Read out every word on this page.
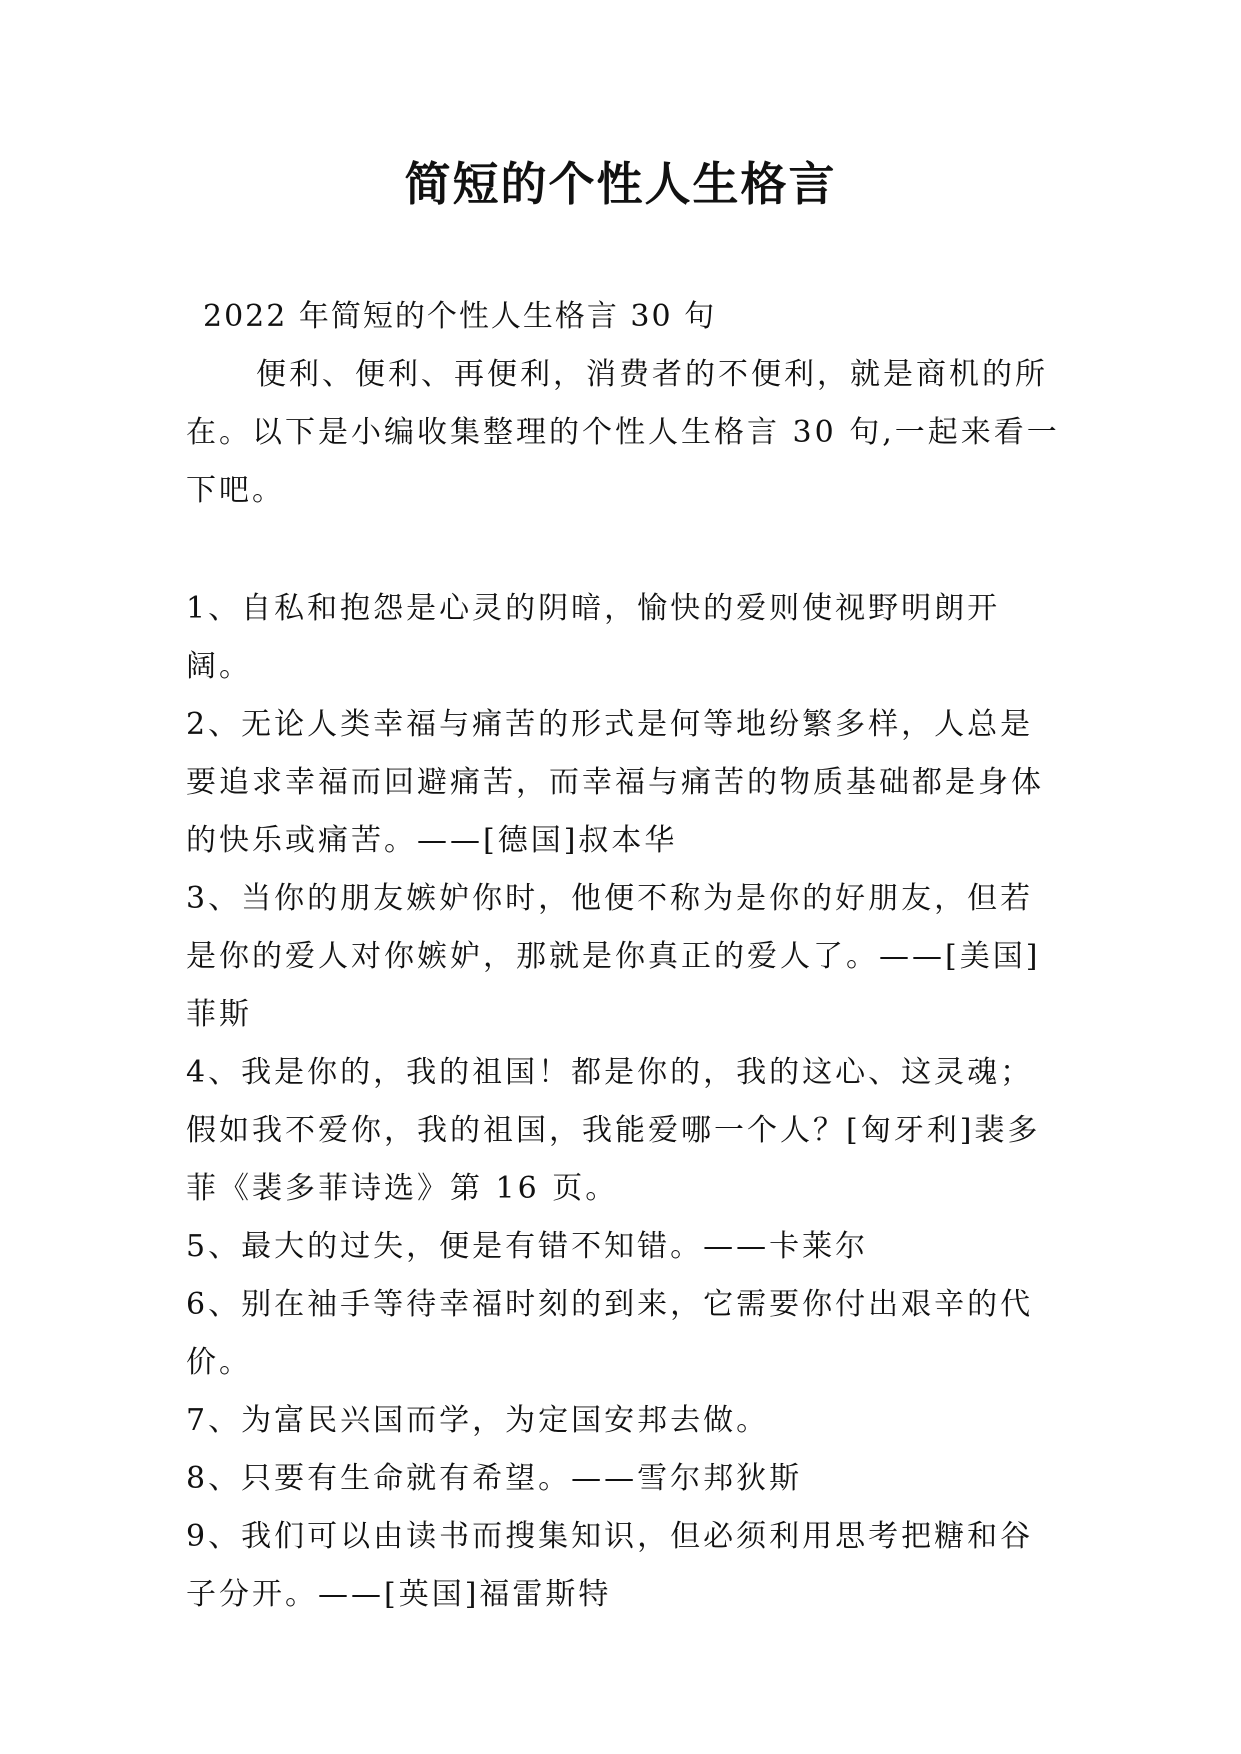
简短的个性人生格言

2022 年简短的个性人生格言 30 句

便利、便利、再便利，消费者的不便利，就是商机的所在。以下是小编收集整理的个性人生格言 30 句,一起来看一下吧。

1、自私和抱怨是心灵的阴暗，愉快的爱则使视野明朗开阔。
2、无论人类幸福与痛苦的形式是何等地纷繁多样，人总是要追求幸福而回避痛苦，而幸福与痛苦的物质基础都是身体的快乐或痛苦。——[德国]叔本华
3、当你的朋友嫉妒你时，他便不称为是你的好朋友，但若是你的爱人对你嫉妒，那就是你真正的爱人了。——[美国]菲斯
4、我是你的，我的祖国！都是你的，我的这心、这灵魂；假如我不爱你，我的祖国，我能爱哪一个人？[匈牙利]裴多菲《裴多菲诗选》第 16 页。
5、最大的过失，便是有错不知错。——卡莱尔
6、别在袖手等待幸福时刻的到来，它需要你付出艰辛的代价。
7、为富民兴国而学，为定国安邦去做。
8、只要有生命就有希望。——雪尔邦狄斯
9、我们可以由读书而搜集知识，但必须利用思考把糖和谷子分开。——[英国]福雷斯特
